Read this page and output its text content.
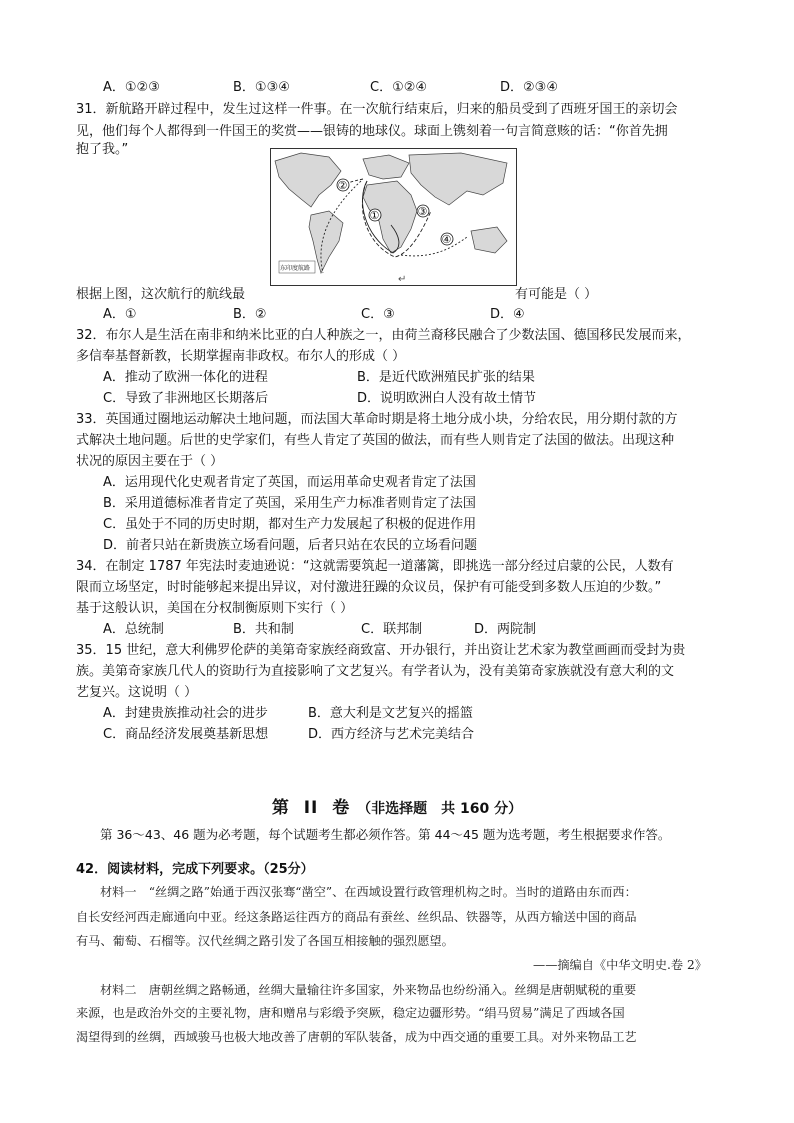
A．①②③	B．①③④	C．①②④	D．②③④
31．新航路开辟过程中，发生过这样一件事。在一次航行结束后，归来的船员受到了西班牙国王的亲切会
见，他们每个人都得到一件国王的奖赏——银铸的地球仪。球面上镌刻着一句言简意赅的话：“你首先拥
抱了我。”
①
②
③
④
东印度航路
↵
根据上图，这次航行的航线最	有可能是（ ）
A．①	B．②	C．③	D．④
32．布尔人是生活在南非和纳米比亚的白人种族之一，由荷兰裔移民融合了少数法国、德国移民发展而来，
多信奉基督新教，长期掌握南非政权。布尔人的形成（ ）
A．推动了欧洲一体化的进程	B．是近代欧洲殖民扩张的结果
C．导致了非洲地区长期落后	D．说明欧洲白人没有故土情节
33．英国通过圈地运动解决土地问题，而法国大革命时期是将土地分成小块，分给农民，用分期付款的方
式解决土地问题。后世的史学家们，有些人肯定了英国的做法，而有些人则肯定了法国的做法。出现这种
状况的原因主要在于（ ）
A．运用现代化史观者肯定了英国，而运用革命史观者肯定了法国
B．采用道德标准者肯定了英国，采用生产力标准者则肯定了法国
C．虽处于不同的历史时期，都对生产力发展起了积极的促进作用
D．前者只站在新贵族立场看问题，后者只站在农民的立场看问题
34．在制定 1787 年宪法时麦迪逊说：“这就需要筑起一道藩篱，即挑选一部分经过启蒙的公民，人数有
限而立场坚定，时时能够起来提出异议，对付激进狂躁的众议员，保护有可能受到多数人压迫的少数。”
基于这般认识，美国在分权制衡原则下实行（ ）
A．总统制	B．共和制	C．联邦制	D．两院制
35．15 世纪，意大利佛罗伦萨的美第奇家族经商致富、开办银行，并出资让艺术家为教堂画画而受封为贵
族。美第奇家族几代人的资助行为直接影响了文艺复兴。有学者认为，没有美第奇家族就没有意大利的文
艺复兴。这说明（ ）
A．封建贵族推动社会的进步	B．意大利是文艺复兴的摇篮
C．商品经济发展奠基新思想	D．西方经济与艺术完美结合
第 II 卷 （非选择题　共 160 分）
第 36～43、46 题为必考题，每个试题考生都必须作答。第 44～45 题为选考题，考生根据要求作答。
42．阅读材料，完成下列要求。（25分）
材料一　“丝绸之路”始通于西汉张骞“凿空”、在西域设置行政管理机构之时。当时的道路由东而西：
自长安经河西走廊通向中亚。经这条路运往西方的商品有蚕丝、丝织品、铁器等，从西方输送中国的商品
有马、葡萄、石榴等。汉代丝绸之路引发了各国互相接触的强烈愿望。
——摘编自《中华文明史.卷 2》
材料二　唐朝丝绸之路畅通，丝绸大量输往许多国家，外来物品也纷纷涌入。丝绸是唐朝赋税的重要
来源，也是政治外交的主要礼物，唐和赠帛与彩缎予突厥，稳定边疆形势。“绢马贸易”满足了西域各国
渴望得到的丝绸，西域骏马也极大地改善了唐朝的军队装备，成为中西交通的重要工具。对外来物品工艺
